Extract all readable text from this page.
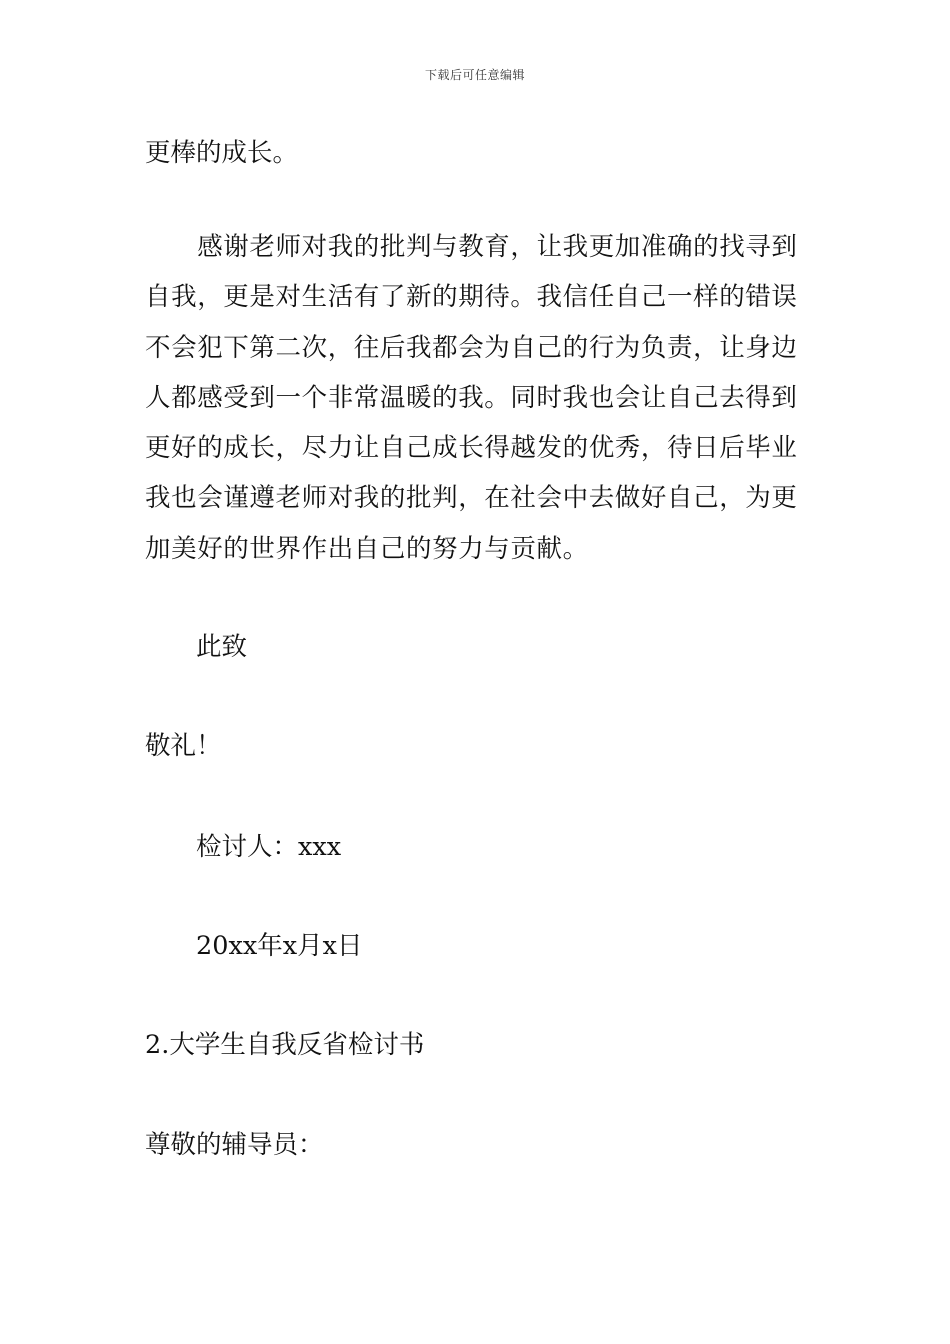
下载后可任意编辑
更棒的成长。
　　感谢老师对我的批判与教育，让我更加准确的找寻到
自我，更是对生活有了新的期待。我信任自己一样的错误
不会犯下第二次，往后我都会为自己的行为负责，让身边
人都感受到一个非常温暖的我。同时我也会让自己去得到
更好的成长，尽力让自己成长得越发的优秀，待日后毕业
我也会谨遵老师对我的批判，在社会中去做好自己，为更
加美好的世界作出自己的努力与贡献。
此致
敬礼！
检讨人：xxx
20xx年x月x日
2.大学生自我反省检讨书
尊敬的辅导员：
